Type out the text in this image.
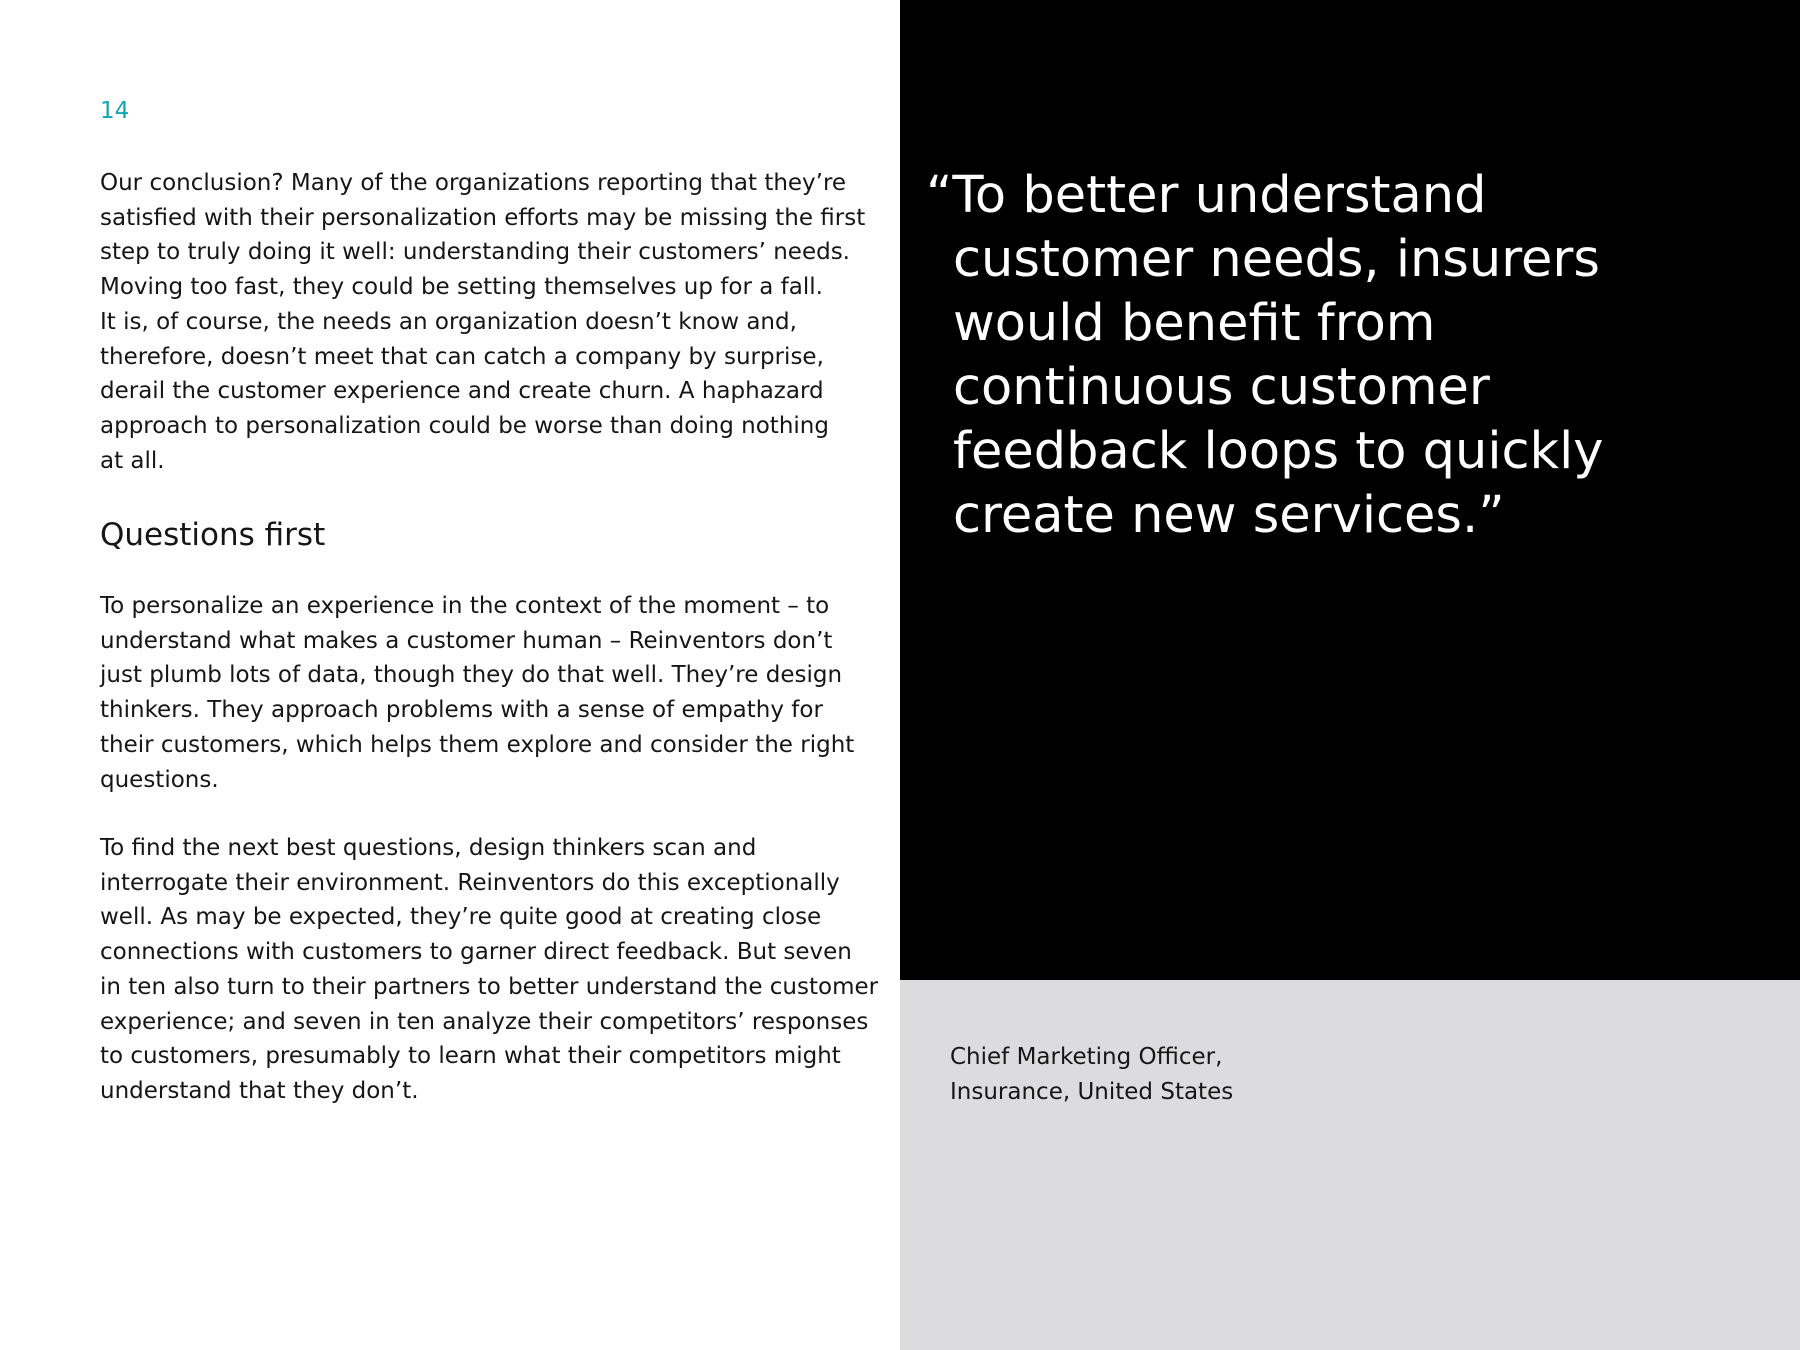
14

Our conclusion? Many of the organizations reporting that they’re
satisfied with their personalization efforts may be missing the first
step to truly doing it well: understanding their customers’ needs.
Moving too fast, they could be setting themselves up for a fall.
It is, of course, the needs an organization doesn’t know and,
therefore, doesn’t meet that can catch a company by surprise,
derail the customer experience and create churn. A haphazard
approach to personalization could be worse than doing nothing
at all.

Questions first

To personalize an experience in the context of the moment – to
understand what makes a customer human – Reinventors don’t
just plumb lots of data, though they do that well. They’re design
thinkers. They approach problems with a sense of empathy for
their customers, which helps them explore and consider the right
questions.

To find the next best questions, design thinkers scan and
interrogate their environment. Reinventors do this exceptionally
well. As may be expected, they’re quite good at creating close
connections with customers to garner direct feedback. But seven
in ten also turn to their partners to better understand the customer
experience; and seven in ten analyze their competitors’ responses
to customers, presumably to learn what their competitors might
understand that they don’t.

“To better understand
customer needs, insurers
would benefit from
continuous customer
feedback loops to quickly
create new services.”

Chief Marketing Officer,
Insurance, United States
